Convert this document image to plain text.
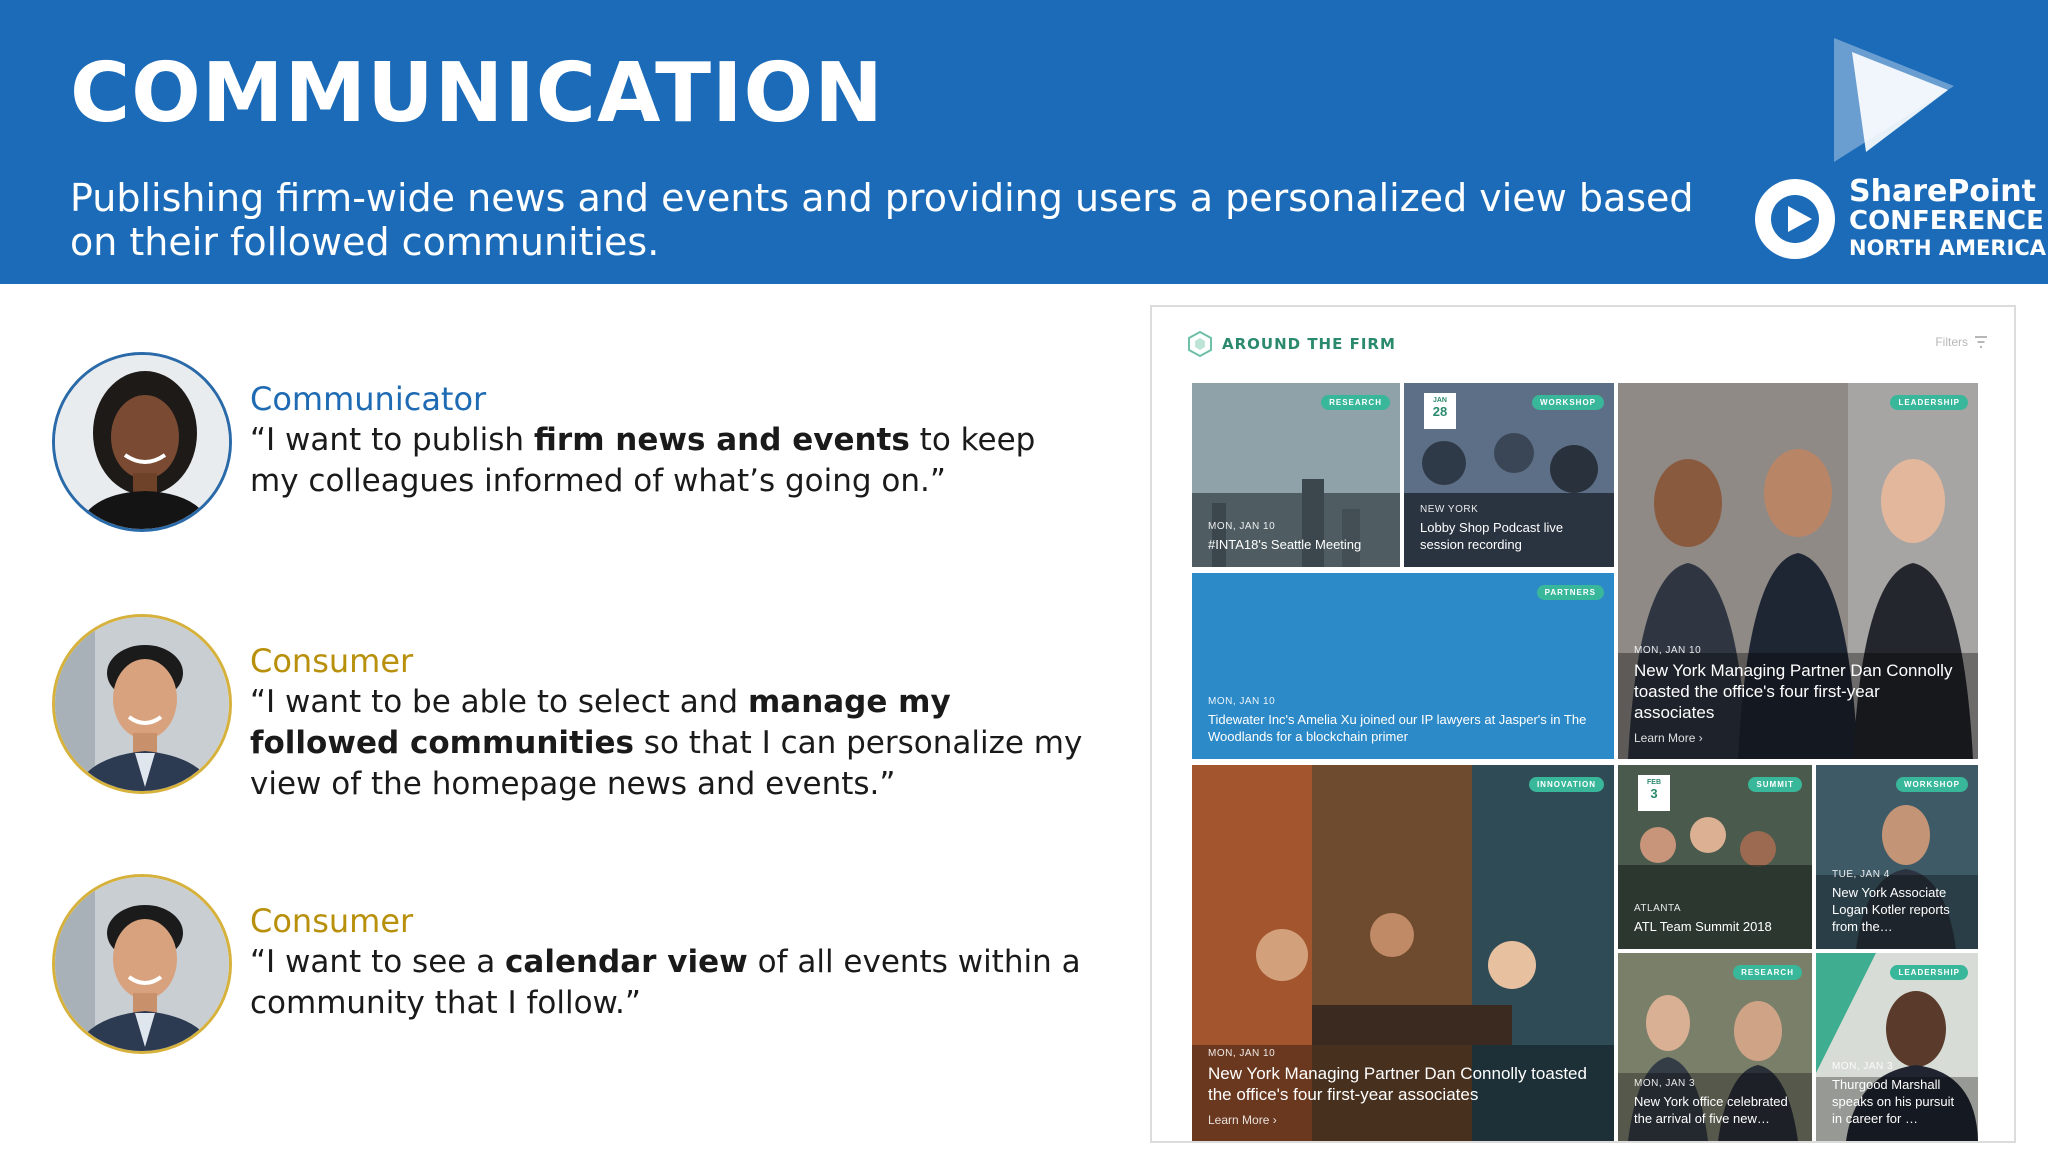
COMMUNICATION

Publishing firm-wide news and events and providing users a personalized view based on their followed communities.

SharePoint
CONFERENCE
NORTH AMERICA
Communicator

“I want to publish firm news and events to keep my colleagues informed of what’s going on.”

Consumer

“I want to be able to select and manage my followed communities so that I can personalize my view of the homepage news and events.”

Consumer

“I want to see a calendar view of all events within a community that I follow.”

AROUND THE FIRM	Filters
RESEARCH
MON, JAN 10
#INTA18's Seattle Meeting
JAN
28
WORKSHOP
NEW YORK
Lobby Shop Podcast live session recording
LEADERSHIP
MON, JAN 10
New York Managing Partner Dan Connolly toasted the office's four first-year associates
Learn More ›
PARTNERS
MON, JAN 10
Tidewater Inc's Amelia Xu joined our IP lawyers at Jasper's in The Woodlands for a blockchain primer
INNOVATION
MON, JAN 10
New York Managing Partner Dan Connolly toasted the office's four first-year associates
Learn More ›
FEB
3
SUMMIT
ATLANTA
ATL Team Summit 2018
WORKSHOP
TUE, JAN 4
New York Associate Logan Kotler reports from the…
RESEARCH
MON, JAN 3
New York office celebrated the arrival of five new…
LEADERSHIP
MON, JAN 3
Thurgood Marshall speaks on his pursuit in career for …
